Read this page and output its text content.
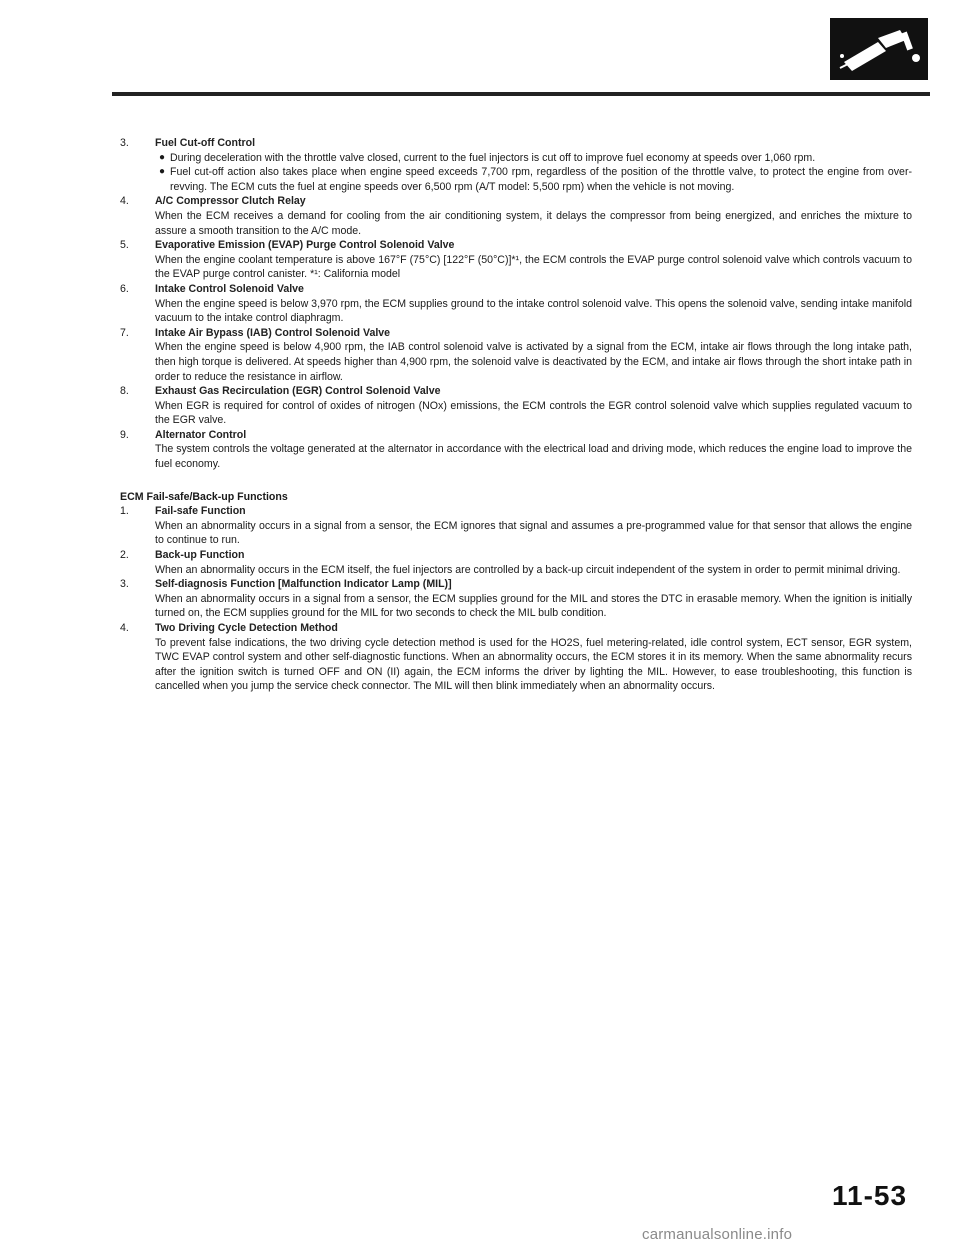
3. Fuel Cut-off Control
● During deceleration with the throttle valve closed, current to the fuel injectors is cut off to improve fuel economy at speeds over 1,060 rpm.
● Fuel cut-off action also takes place when engine speed exceeds 7,700 rpm, regardless of the position of the throttle valve, to protect the engine from over-revving. The ECM cuts the fuel at engine speeds over 6,500 rpm (A/T model: 5,500 rpm) when the vehicle is not moving.
4. A/C Compressor Clutch Relay

When the ECM receives a demand for cooling from the air conditioning system, it delays the compressor from being energized, and enriches the mixture to assure a smooth transition to the A/C mode.

5. Evaporative Emission (EVAP) Purge Control Solenoid Valve

When the engine coolant temperature is above 167°F (75°C) [122°F (50°C)]*¹, the ECM controls the EVAP purge control solenoid valve which controls vacuum to the EVAP purge control canister. *¹: California model

6. Intake Control Solenoid Valve

When the engine speed is below 3,970 rpm, the ECM supplies ground to the intake control solenoid valve. This opens the solenoid valve, sending intake manifold vacuum to the intake control diaphragm.

7. Intake Air Bypass (IAB) Control Solenoid Valve

When the engine speed is below 4,900 rpm, the IAB control solenoid valve is activated by a signal from the ECM, intake air flows through the long intake path, then high torque is delivered. At speeds higher than 4,900 rpm, the solenoid valve is deactivated by the ECM, and intake air flows through the short intake path in order to reduce the resistance in airflow.

8. Exhaust Gas Recirculation (EGR) Control Solenoid Valve

When EGR is required for control of oxides of nitrogen (NOx) emissions, the ECM controls the EGR control solenoid valve which supplies regulated vacuum to the EGR valve.

9. Alternator Control

The system controls the voltage generated at the alternator in accordance with the electrical load and driving mode, which reduces the engine load to improve the fuel economy.

ECM Fail-safe/Back-up Functions
1. Fail-safe Function

When an abnormality occurs in a signal from a sensor, the ECM ignores that signal and assumes a pre-programmed value for that sensor that allows the engine to continue to run.

2. Back-up Function

When an abnormality occurs in the ECM itself, the fuel injectors are controlled by a back-up circuit independent of the system in order to permit minimal driving.

3. Self-diagnosis Function [Malfunction Indicator Lamp (MIL)]

When an abnormality occurs in a signal from a sensor, the ECM supplies ground for the MIL and stores the DTC in erasable memory. When the ignition is initially turned on, the ECM supplies ground for the MIL for two seconds to check the MIL bulb condition.

4. Two Driving Cycle Detection Method

To prevent false indications, the two driving cycle detection method is used for the HO2S, fuel metering-related, idle control system, ECT sensor, EGR system, TWC EVAP control system and other self-diagnostic functions. When an abnormality occurs, the ECM stores it in its memory. When the same abnormality recurs after the ignition switch is turned OFF and ON (II) again, the ECM informs the driver by lighting the MIL. However, to ease troubleshooting, this function is cancelled when you jump the service check connector. The MIL will then blink immediately when an abnormality occurs.

11-53
carmanualsonline.info
